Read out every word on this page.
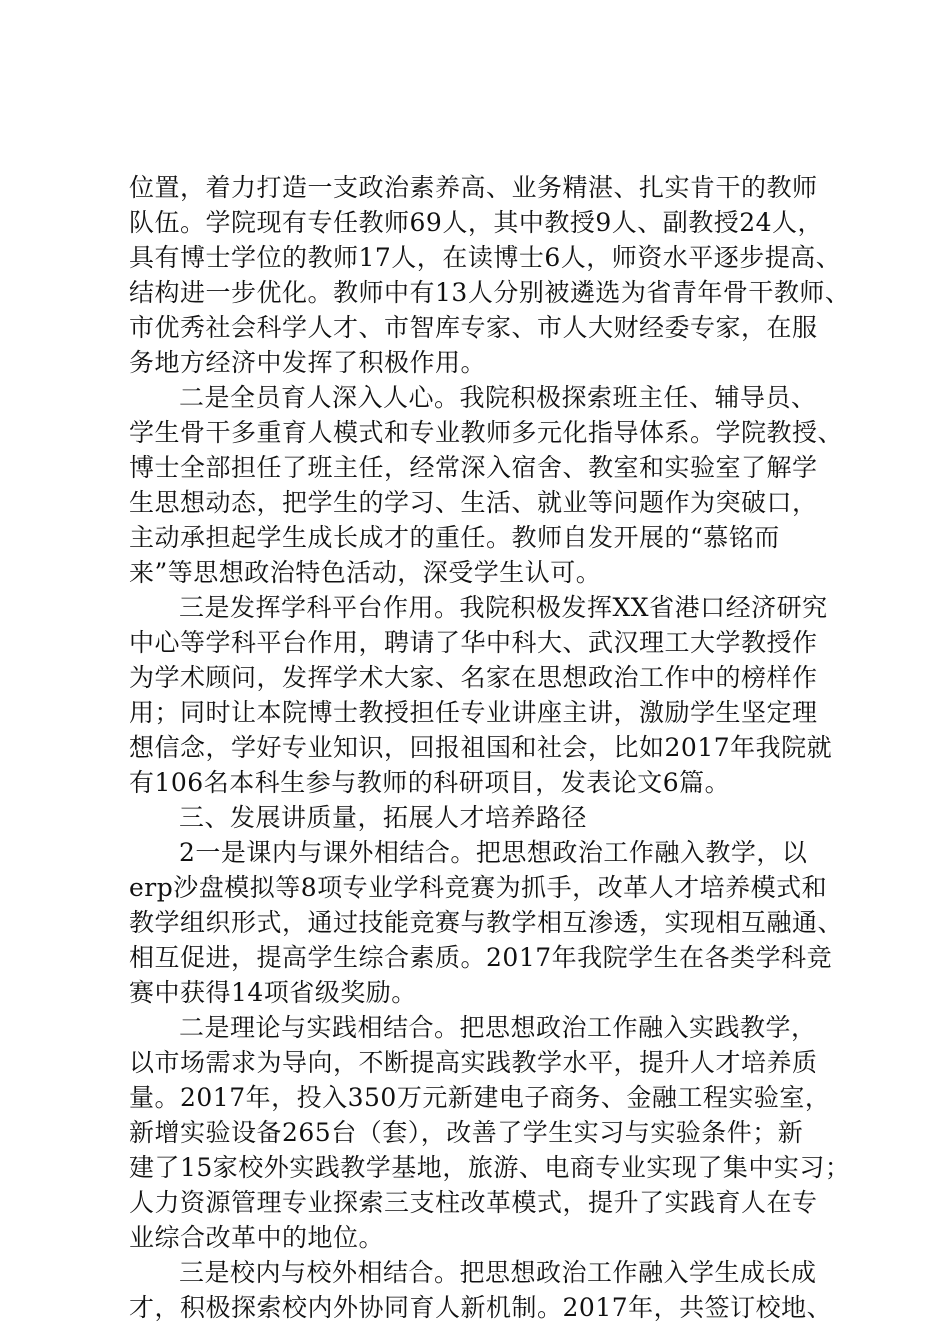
位置，着力打造一支政治素养高、业务精湛、扎实肯干的教师
队伍。学院现有专任教师69人，其中教授9人、副教授24人，
具有博士学位的教师17人，在读博士6人，师资水平逐步提高、
结构进一步优化。教师中有13人分别被遴选为省青年骨干教师、
市优秀社会科学人才、市智库专家、市人大财经委专家，在服
务地方经济中发挥了积极作用。
二是全员育人深入人心。我院积极探索班主任、辅导员、
学生骨干多重育人模式和专业教师多元化指导体系。学院教授、
博士全部担任了班主任，经常深入宿舍、教室和实验室了解学
生思想动态，把学生的学习、生活、就业等问题作为突破口，
主动承担起学生成长成才的重任。教师自发开展的“慕铭而
来”等思想政治特色活动，深受学生认可。
三是发挥学科平台作用。我院积极发挥XX省港口经济研究
中心等学科平台作用，聘请了华中科大、武汉理工大学教授作
为学术顾问，发挥学术大家、名家在思想政治工作中的榜样作
用；同时让本院博士教授担任专业讲座主讲，激励学生坚定理
想信念，学好专业知识，回报祖国和社会，比如2017年我院就
有106名本科生参与教师的科研项目，发表论文6篇。
三、发展讲质量，拓展人才培养路径
2一是课内与课外相结合。把思想政治工作融入教学，以
erp沙盘模拟等8项专业学科竞赛为抓手，改革人才培养模式和
教学组织形式，通过技能竞赛与教学相互渗透，实现相互融通、
相互促进，提高学生综合素质。2017年我院学生在各类学科竞
赛中获得14项省级奖励。
二是理论与实践相结合。把思想政治工作融入实践教学，
以市场需求为导向，不断提高实践教学水平，提升人才培养质
量。2017年，投入350万元新建电子商务、金融工程实验室，
新增实验设备265台（套），改善了学生实习与实验条件；新
建了15家校外实践教学基地，旅游、电商专业实现了集中实习；
人力资源管理专业探索三支柱改革模式，提升了实践育人在专
业综合改革中的地位。
三是校内与校外相结合。把思想政治工作融入学生成长成
才，积极探索校内外协同育人新机制。2017年，共签订校地、
